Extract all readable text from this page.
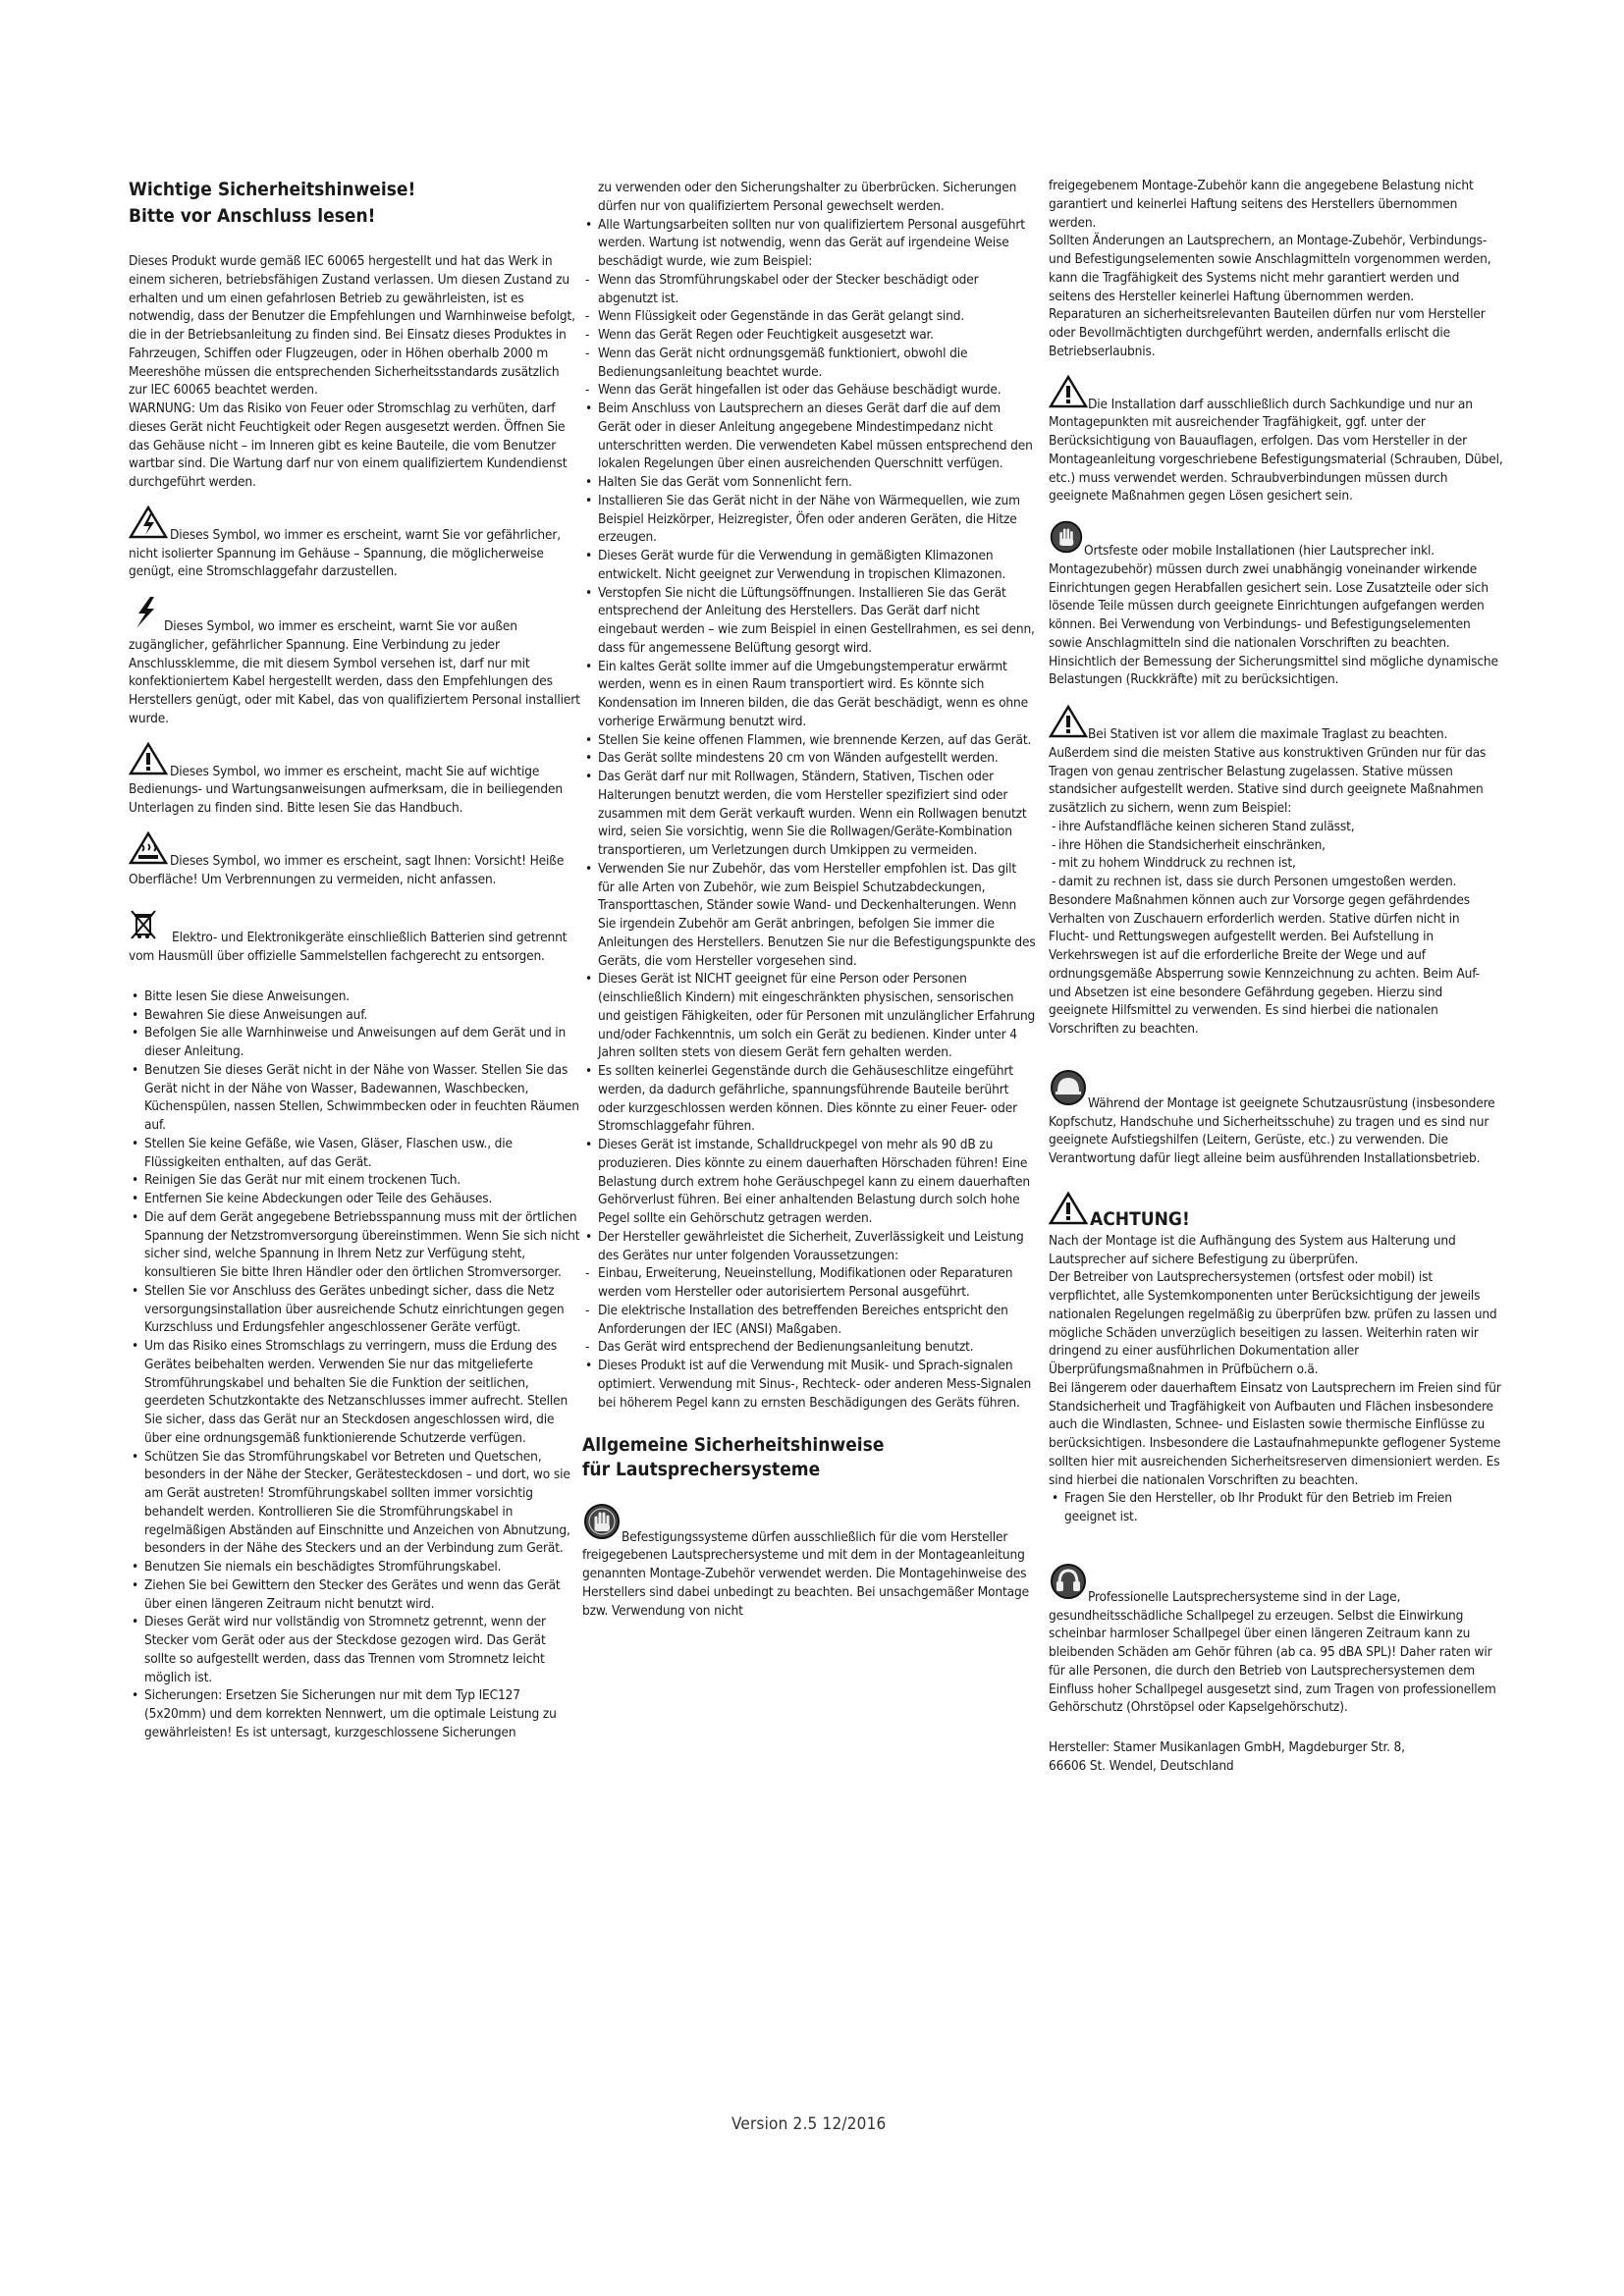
Wichtige Sicherheitshinweise!
Bitte vor Anschluss lesen!

Dieses Produkt wurde gemäß IEC 60065 hergestellt und hat das Werk in einem sicheren, betriebsfähigen Zustand verlassen. Um diesen Zustand zu erhalten und um einen gefahrlosen Betrieb zu gewährleisten, ist es notwendig, dass der Benutzer die Empfehlungen und Warnhinweise befolgt, die in der Betriebsanleitung zu finden sind. Bei Einsatz dieses Produktes in Fahrzeugen, Schiffen oder Flugzeugen, oder in Höhen oberhalb 2000 m Meereshöhe müssen die entsprechenden Sicherheitsstandards zusätzlich zur IEC 60065 beachtet werden.

WARNUNG: Um das Risiko von Feuer oder Stromschlag zu verhüten, darf dieses Gerät nicht Feuchtigkeit oder Regen ausgesetzt werden. Öffnen Sie das Gehäuse nicht – im Inneren gibt es keine Bauteile, die vom Benutzer wartbar sind. Die Wartung darf nur von einem qualifiziertem Kundendienst durchgeführt werden.

Dieses Symbol, wo immer es erscheint, warnt Sie vor gefährlicher, nicht isolierter Spannung im Gehäuse – Spannung, die möglicherweise genügt, eine Stromschlaggefahr darzustellen.

Dieses Symbol, wo immer es erscheint, warnt Sie vor außen zugänglicher, gefährlicher Spannung. Eine Verbindung zu jeder Anschlussklemme, die mit diesem Symbol versehen ist, darf nur mit konfektioniertem Kabel hergestellt werden, dass den Empfehlungen des Herstellers genügt, oder mit Kabel, das von qualifiziertem Personal installiert wurde.

Dieses Symbol, wo immer es erscheint, macht Sie auf wichtige Bedienungs- und Wartungsanweisungen aufmerksam, die in beiliegenden Unterlagen zu finden sind. Bitte lesen Sie das Handbuch.

Dieses Symbol, wo immer es erscheint, sagt Ihnen: Vorsicht! Heiße Oberfläche! Um Verbrennungen zu vermeiden, nicht anfassen.

Elektro- und Elektronikgeräte einschließlich Batterien sind getrennt vom Hausmüll über offizielle Sammelstellen fachgerecht zu entsorgen.

• Bitte lesen Sie diese Anweisungen.
• Bewahren Sie diese Anweisungen auf.
• Befolgen Sie alle Warnhinweise und Anweisungen auf dem Gerät und in dieser Anleitung.
• Benutzen Sie dieses Gerät nicht in der Nähe von Wasser. Stellen Sie das Gerät nicht in der Nähe von Wasser, Badewannen, Waschbecken, Küchenspülen, nassen Stellen, Schwimmbecken oder in feuchten Räumen auf.
• Stellen Sie keine Gefäße, wie Vasen, Gläser, Flaschen usw., die Flüssigkeiten enthalten, auf das Gerät.
• Reinigen Sie das Gerät nur mit einem trockenen Tuch.
• Entfernen Sie keine Abdeckungen oder Teile des Gehäuses.
• Die auf dem Gerät angegebene Betriebsspannung muss mit der örtlichen Spannung der Netzstromversorgung übereinstimmen. Wenn Sie sich nicht sicher sind, welche Spannung in Ihrem Netz zur Verfügung steht, konsultieren Sie bitte Ihren Händler oder den örtlichen Stromversorger.
• Stellen Sie vor Anschluss des Gerätes unbedingt sicher, dass die Netz versorgungsinstallation über ausreichende Schutz einrichtungen gegen Kurzschluss und Erdungsfehler angeschlossener Geräte verfügt.
• Um das Risiko eines Stromschlags zu verringern, muss die Erdung des Gerätes beibehalten werden. Verwenden Sie nur das mitgelieferte Stromführungskabel und behalten Sie die Funktion der seitlichen, geerdeten Schutzkontakte des Netzanschlusses immer aufrecht. Stellen Sie sicher, dass das Gerät nur an Steckdosen angeschlossen wird, die über eine ordnungsgemäß funktionierende Schutzerde verfügen.
• Schützen Sie das Stromführungskabel vor Betreten und Quetschen, besonders in der Nähe der Stecker, Gerätesteckdosen – und dort, wo sie am Gerät austreten! Stromführungskabel sollten immer vorsichtig behandelt werden. Kontrollieren Sie die Stromführungskabel in regelmäßigen Abständen auf Einschnitte und Anzeichen von Abnutzung, besonders in der Nähe des Steckers und an der Verbindung zum Gerät.
• Benutzen Sie niemals ein beschädigtes Stromführungskabel.
• Ziehen Sie bei Gewittern den Stecker des Gerätes und wenn das Gerät über einen längeren Zeitraum nicht benutzt wird.
• Dieses Gerät wird nur vollständig von Stromnetz getrennt, wenn der Stecker vom Gerät oder aus der Steckdose gezogen wird. Das Gerät sollte so aufgestellt werden, dass das Trennen vom Stromnetz leicht möglich ist.
• Sicherungen: Ersetzen Sie Sicherungen nur mit dem Typ IEC127 (5x20mm) und dem korrekten Nennwert, um die optimale Leistung zu gewährleisten! Es ist untersagt, kurzgeschlossene Sicherungen
zu verwenden oder den Sicherungshalter zu überbrücken. Sicherungen dürfen nur von qualifiziertem Personal gewechselt werden.
• Alle Wartungsarbeiten sollten nur von qualifiziertem Personal ausgeführt werden. Wartung ist notwendig, wenn das Gerät auf irgendeine Weise beschädigt wurde, wie zum Beispiel:
- Wenn das Stromführungskabel oder der Stecker beschädigt oder abgenutzt ist.
- Wenn Flüssigkeit oder Gegenstände in das Gerät gelangt sind.
- Wenn das Gerät Regen oder Feuchtigkeit ausgesetzt war.
- Wenn das Gerät nicht ordnungsgemäß funktioniert, obwohl die Bedienungsanleitung beachtet wurde.
- Wenn das Gerät hingefallen ist oder das Gehäuse beschädigt wurde.
• Beim Anschluss von Lautsprechern an dieses Gerät darf die auf dem Gerät oder in dieser Anleitung angegebene Mindestimpedanz nicht unterschritten werden. Die verwendeten Kabel müssen entsprechend den lokalen Regelungen über einen ausreichenden Querschnitt verfügen.
• Halten Sie das Gerät vom Sonnenlicht fern.
• Installieren Sie das Gerät nicht in der Nähe von Wärmequellen, wie zum Beispiel Heizkörper, Heizregister, Öfen oder anderen Geräten, die Hitze erzeugen.
• Dieses Gerät wurde für die Verwendung in gemäßigten Klimazonen entwickelt. Nicht geeignet zur Verwendung in tropischen Klimazonen.
• Verstopfen Sie nicht die Lüftungsöffnungen. Installieren Sie das Gerät entsprechend der Anleitung des Herstellers. Das Gerät darf nicht eingebaut werden – wie zum Beispiel in einen Gestellrahmen, es sei denn, dass für angemessene Belüftung gesorgt wird.
• Ein kaltes Gerät sollte immer auf die Umgebungstemperatur erwärmt werden, wenn es in einen Raum transportiert wird. Es könnte sich Kondensation im Inneren bilden, die das Gerät beschädigt, wenn es ohne vorherige Erwärmung benutzt wird.
• Stellen Sie keine offenen Flammen, wie brennende Kerzen, auf das Gerät.
• Das Gerät sollte mindestens 20 cm von Wänden aufgestellt werden.
• Das Gerät darf nur mit Rollwagen, Ständern, Stativen, Tischen oder Halterungen benutzt werden, die vom Hersteller spezifiziert sind oder zusammen mit dem Gerät verkauft wurden. Wenn ein Rollwagen benutzt wird, seien Sie vorsichtig, wenn Sie die Rollwagen/Geräte-Kombination transportieren, um Verletzungen durch Umkippen zu vermeiden.
• Verwenden Sie nur Zubehör, das vom Hersteller empfohlen ist. Das gilt für alle Arten von Zubehör, wie zum Beispiel Schutzabdeckungen, Transporttaschen, Ständer sowie Wand- und Deckenhalterungen. Wenn Sie irgendein Zubehör am Gerät anbringen, befolgen Sie immer die Anleitungen des Herstellers. Benutzen Sie nur die Befestigungspunkte des Geräts, die vom Hersteller vorgesehen sind.
• Dieses Gerät ist NICHT geeignet für eine Person oder Personen (einschließlich Kindern) mit eingeschränkten physischen, sensorischen und geistigen Fähigkeiten, oder für Personen mit unzulänglicher Erfahrung und/oder Fachkenntnis, um solch ein Gerät zu bedienen. Kinder unter 4 Jahren sollten stets von diesem Gerät fern gehalten werden.
• Es sollten keinerlei Gegenstände durch die Gehäuseschlitze eingeführt werden, da dadurch gefährliche, spannungsführende Bauteile berührt oder kurzgeschlossen werden können. Dies könnte zu einer Feuer- oder Stromschlaggefahr führen.
• Dieses Gerät ist imstande, Schalldruckpegel von mehr als 90 dB zu produzieren. Dies könnte zu einem dauerhaften Hörschaden führen! Eine Belastung durch extrem hohe Geräuschpegel kann zu einem dauerhaften Gehörverlust führen. Bei einer anhaltenden Belastung durch solch hohe Pegel sollte ein Gehörschutz getragen werden.
• Der Hersteller gewährleistet die Sicherheit, Zuverlässigkeit und Leistung des Gerätes nur unter folgenden Voraussetzungen:
- Einbau, Erweiterung, Neueinstellung, Modifikationen oder Reparaturen werden vom Hersteller oder autorisiertem Personal ausgeführt.
- Die elektrische Installation des betreffenden Bereiches entspricht den Anforderungen der IEC (ANSI) Maßgaben.
- Das Gerät wird entsprechend der Bedienungsanleitung benutzt.
• Dieses Produkt ist auf die Verwendung mit Musik- und Sprach-signalen optimiert. Verwendung mit Sinus-, Rechteck- oder anderen Mess-Signalen bei höherem Pegel kann zu ernsten Beschädigungen des Geräts führen.
Allgemeine Sicherheitshinweise
für Lautsprechersysteme

Befestigungssysteme dürfen ausschließlich für die vom Hersteller freigegebenen Lautsprechersysteme und mit dem in der Montageanleitung genannten Montage-Zubehör verwendet werden. Die Montagehinweise des Herstellers sind dabei unbedingt zu beachten. Bei unsachgemäßer Montage bzw. Verwendung von nicht

freigegebenem Montage-Zubehör kann die angegebene Belastung nicht garantiert und keinerlei Haftung seitens des Herstellers übernommen werden.

Sollten Änderungen an Lautsprechern, an Montage-Zubehör, Verbindungs- und Befestigungselementen sowie Anschlagmitteln vorgenommen werden, kann die Tragfähigkeit des Systems nicht mehr garantiert werden und seitens des Hersteller keinerlei Haftung übernommen werden.

Reparaturen an sicherheitsrelevanten Bauteilen dürfen nur vom Hersteller oder Bevollmächtigten durchgeführt werden, andernfalls erlischt die Betriebserlaubnis.

Die Installation darf ausschließlich durch Sachkundige und nur an Montagepunkten mit ausreichender Tragfähigkeit, ggf. unter der Berücksichtigung von Bauauflagen, erfolgen. Das vom Hersteller in der Montageanleitung vorgeschriebene Befestigungsmaterial (Schrauben, Dübel, etc.) muss verwendet werden. Schraubverbindungen müssen durch geeignete Maßnahmen gegen Lösen gesichert sein.

Ortsfeste oder mobile Installationen (hier Lautsprecher inkl. Montagezubehör) müssen durch zwei unabhängig voneinander wirkende Einrichtungen gegen Herabfallen gesichert sein. Lose Zusatzteile oder sich lösende Teile müssen durch geeignete Einrichtungen aufgefangen werden können. Bei Verwendung von Verbindungs- und Befestigungselementen sowie Anschlagmitteln sind die nationalen Vorschriften zu beachten. Hinsichtlich der Bemessung der Sicherungsmittel sind mögliche dynamische Belastungen (Ruckkräfte) mit zu berücksichtigen.

Bei Stativen ist vor allem die maximale Traglast zu beachten. Außerdem sind die meisten Stative aus konstruktiven Gründen nur für das Tragen von genau zentrischer Belastung zugelassen. Stative müssen standsicher aufgestellt werden. Stative sind durch geeignete Maßnahmen zusätzlich zu sichern, wenn zum Beispiel:

- ihre Aufstandfläche keinen sicheren Stand zulässt,
- ihre Höhen die Standsicherheit einschränken,
- mit zu hohem Winddruck zu rechnen ist,
- damit zu rechnen ist, dass sie durch Personen umgestoßen werden.

Besondere Maßnahmen können auch zur Vorsorge gegen gefährdendes Verhalten von Zuschauern erforderlich werden. Stative dürfen nicht in Flucht- und Rettungswegen aufgestellt werden. Bei Aufstellung in Verkehrswegen ist auf die erforderliche Breite der Wege und auf ordnungsgemäße Absperrung sowie Kennzeichnung zu achten. Beim Auf- und Absetzen ist eine besondere Gefährdung gegeben. Hierzu sind geeignete Hilfsmittel zu verwenden. Es sind hierbei die nationalen Vorschriften zu beachten.

Während der Montage ist geeignete Schutzausrüstung (insbesondere Kopfschutz, Handschuhe und Sicherheitsschuhe) zu tragen und es sind nur geeignete Aufstiegshilfen (Leitern, Gerüste, etc.) zu verwenden. Die Verantwortung dafür liegt alleine beim ausführenden Installationsbetrieb.

ACHTUNG!

Nach der Montage ist die Aufhängung des System aus Halterung und Lautsprecher auf sichere Befestigung zu überprüfen.

Der Betreiber von Lautsprechersystemen (ortsfest oder mobil) ist verpflichtet, alle Systemkomponenten unter Berücksichtigung der jeweils nationalen Regelungen regelmäßig zu überprüfen bzw. prüfen zu lassen und mögliche Schäden unverzüglich beseitigen zu lassen. Weiterhin raten wir dringend zu einer ausführlichen Dokumentation aller Überprüfungsmaßnahmen in Prüfbüchern o.ä.

Bei längerem oder dauerhaftem Einsatz von Lautsprechern im Freien sind für Standsicherheit und Tragfähigkeit von Aufbauten und Flächen insbesondere auch die Windlasten, Schnee- und Eislasten sowie thermische Einflüsse zu berücksichtigen. Insbesondere die Lastaufnahmepunkte geflogener Systeme sollten hier mit ausreichenden Sicherheitsreserven dimensioniert werden. Es sind hierbei die nationalen Vorschriften zu beachten.

• Fragen Sie den Hersteller, ob Ihr Produkt für den Betrieb im Freien geeignet ist.

Professionelle Lautsprechersysteme sind in der Lage, gesundheitsschädliche Schallpegel zu erzeugen. Selbst die Einwirkung scheinbar harmloser Schallpegel über einen längeren Zeitraum kann zu bleibenden Schäden am Gehör führen (ab ca. 95 dBA SPL)! Daher raten wir für alle Personen, die durch den Betrieb von Lautsprechersystemen dem Einfluss hoher Schallpegel ausgesetzt sind, zum Tragen von professionellem Gehörschutz (Ohrstöpsel oder Kapselgehörschutz).

Hersteller: Stamer Musikanlagen GmbH, Magdeburger Str. 8,
66606 St. Wendel, Deutschland

Version 2.5 12/2016
